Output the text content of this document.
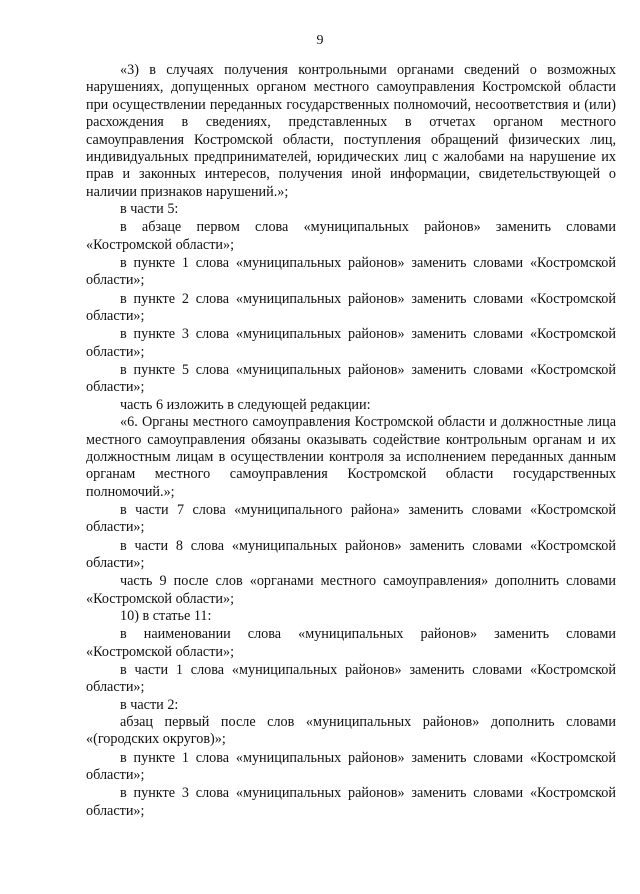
9

«3) в случаях получения контрольными органами сведений о возможных нарушениях, допущенных органом местного самоуправления Костромской области при осуществлении переданных государственных полномочий, несоответствия и (или) расхождения в сведениях, представленных в отчетах органом местного самоуправления Костромской области, поступления обращений физических лиц, индивидуальных предпринимателей, юридических лиц с жалобами на нарушение их прав и законных интересов, получения иной информации, свидетельствующей о наличии признаков нарушений.»;

в части 5:

в абзаце первом слова «муниципальных районов» заменить словами «Костромской области»;

в пункте 1 слова «муниципальных районов» заменить словами «Костромской области»;

в пункте 2 слова «муниципальных районов» заменить словами «Костромской области»;

в пункте 3 слова «муниципальных районов» заменить словами «Костромской области»;

в пункте 5 слова «муниципальных районов» заменить словами «Костромской области»;

часть 6 изложить в следующей редакции:

«6. Органы местного самоуправления Костромской области и должностные лица местного самоуправления обязаны оказывать содействие контрольным органам и их должностным лицам в осуществлении контроля за исполнением переданных данным органам местного самоуправления Костромской области государственных полномочий.»;

в части 7 слова «муниципального района» заменить словами «Костромской области»;

в части 8 слова «муниципальных районов» заменить словами «Костромской области»;

часть 9 после слов «органами местного самоуправления» дополнить словами «Костромской области»;

10) в статье 11:

в наименовании слова «муниципальных районов» заменить словами «Костромской области»;

в части 1 слова «муниципальных районов» заменить словами «Костромской области»;

в части 2:

абзац первый после слов «муниципальных районов» дополнить словами «(городских округов)»;

в пункте 1 слова «муниципальных районов» заменить словами «Костромской области»;

в пункте 3 слова «муниципальных районов» заменить словами «Костромской области»;
